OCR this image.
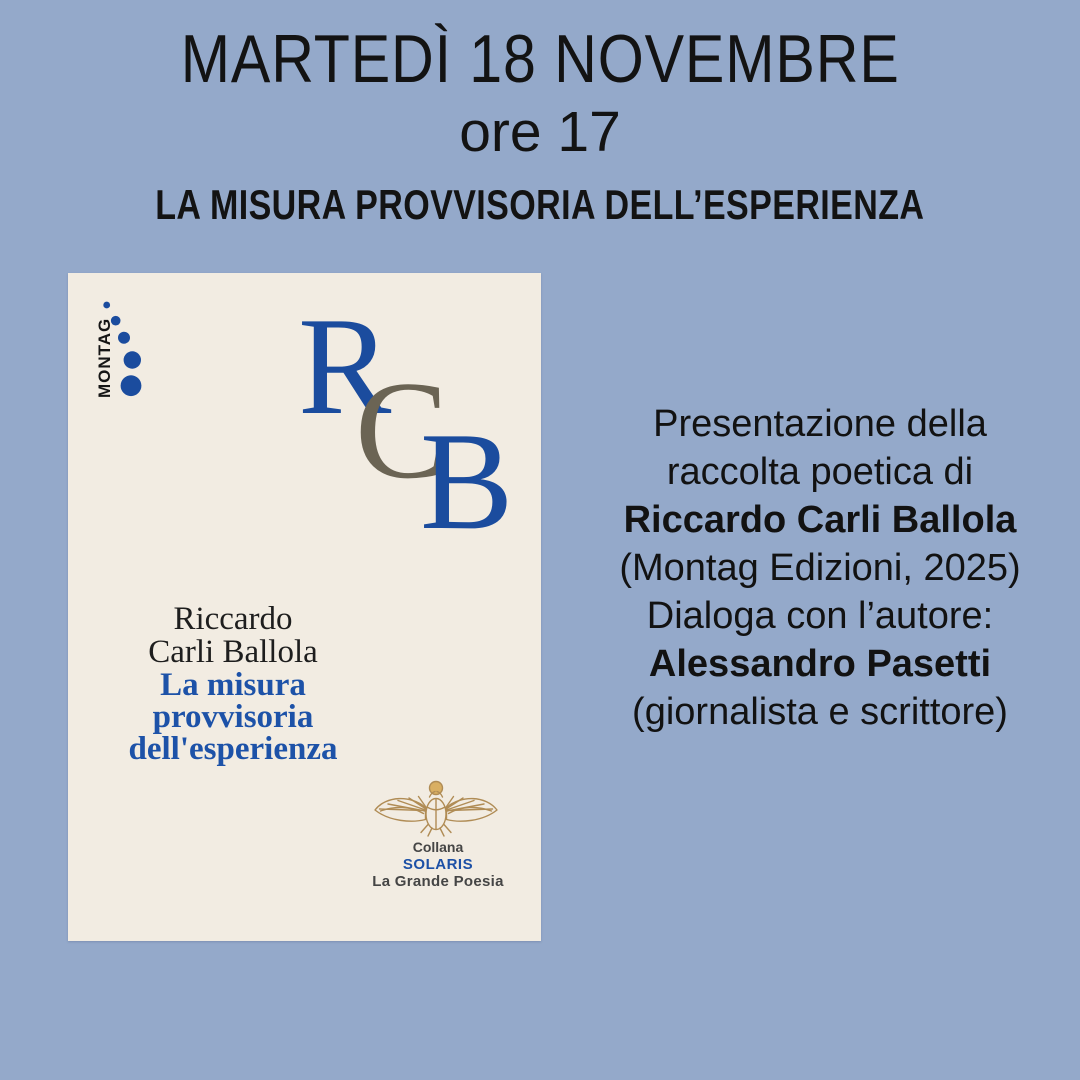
MARTEDÌ 18 NOVEMBRE
ore 17
LA MISURA PROVVISORIA DELL’ESPERIENZA
MONTAG R
C
B
Riccardo
Carli Ballola
La misura
provvisoria
dell'esperienza
Collana
SOLARIS
La Grande Poesia
Presentazione della
raccolta poetica di
Riccardo Carli Ballola
(Montag Edizioni, 2025)
Dialoga con l’autore:
Alessandro Pasetti
(giornalista e scrittore)
